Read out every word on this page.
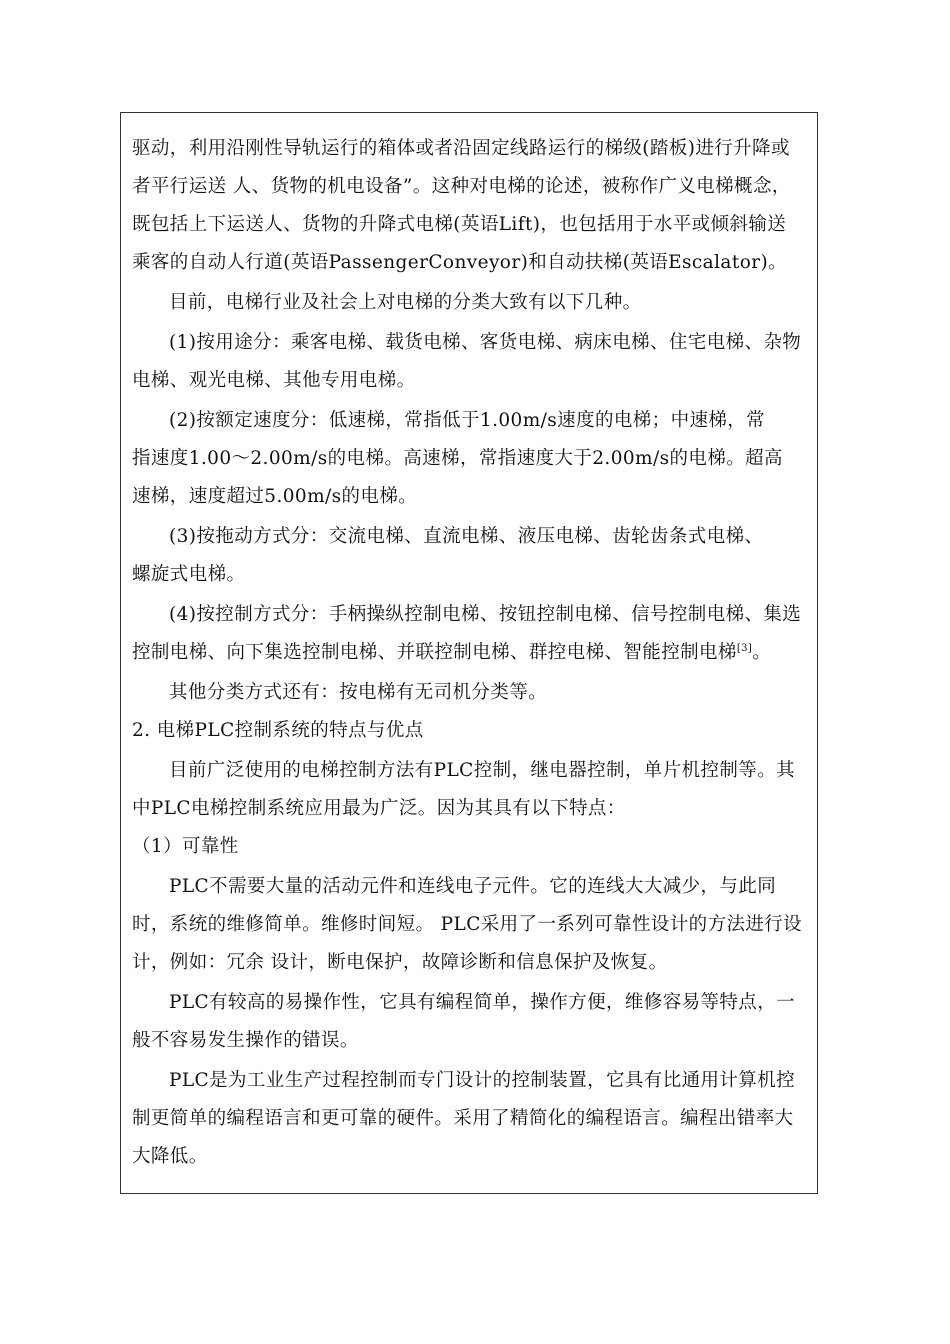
驱动，利用沿刚性导轨运行的箱体或者沿固定线路运行的梯级(踏板)进行升降或
者平行运送 人、货物的机电设备”。这种对电梯的论述，被称作广义电梯概念，
既包括上下运送人、货物的升降式电梯(英语Lift)，也包括用于水平或倾斜输送
乘客的自动人行道(英语PassengerConveyor)和自动扶梯(英语Escalator)。

目前，电梯行业及社会上对电梯的分类大致有以下几种。

(1)按用途分：乘客电梯、载货电梯、客货电梯、病床电梯、住宅电梯、杂物
电梯、观光电梯、其他专用电梯。

(2)按额定速度分：低速梯，常指低于1.00m/s速度的电梯；中速梯，常
指速度1.00～2.00m/s的电梯。高速梯，常指速度大于2.00m/s的电梯。超高
速梯，速度超过5.00m/s的电梯。

(3)按拖动方式分：交流电梯、直流电梯、液压电梯、齿轮齿条式电梯、
螺旋式电梯。

(4)按控制方式分：手柄操纵控制电梯、按钮控制电梯、信号控制电梯、集选
控制电梯、向下集选控制电梯、并联控制电梯、群控电梯、智能控制电梯[3]。

其他分类方式还有：按电梯有无司机分类等。

2. 电梯PLC控制系统的特点与优点

目前广泛使用的电梯控制方法有PLC控制，继电器控制，单片机控制等。其
中PLC电梯控制系统应用最为广泛。因为其具有以下特点：

（1）可靠性

PLC不需要大量的活动元件和连线电子元件。它的连线大大减少，与此同
时，系统的维修简单。维修时间短。 PLC采用了一系列可靠性设计的方法进行设
计，例如：冗余 设计，断电保护，故障诊断和信息保护及恢复。

PLC有较高的易操作性，它具有编程简单，操作方便，维修容易等特点，一
般不容易发生操作的错误。

PLC是为工业生产过程控制而专门设计的控制装置，它具有比通用计算机控
制更简单的编程语言和更可靠的硬件。采用了精简化的编程语言。编程出错率大
大降低。
